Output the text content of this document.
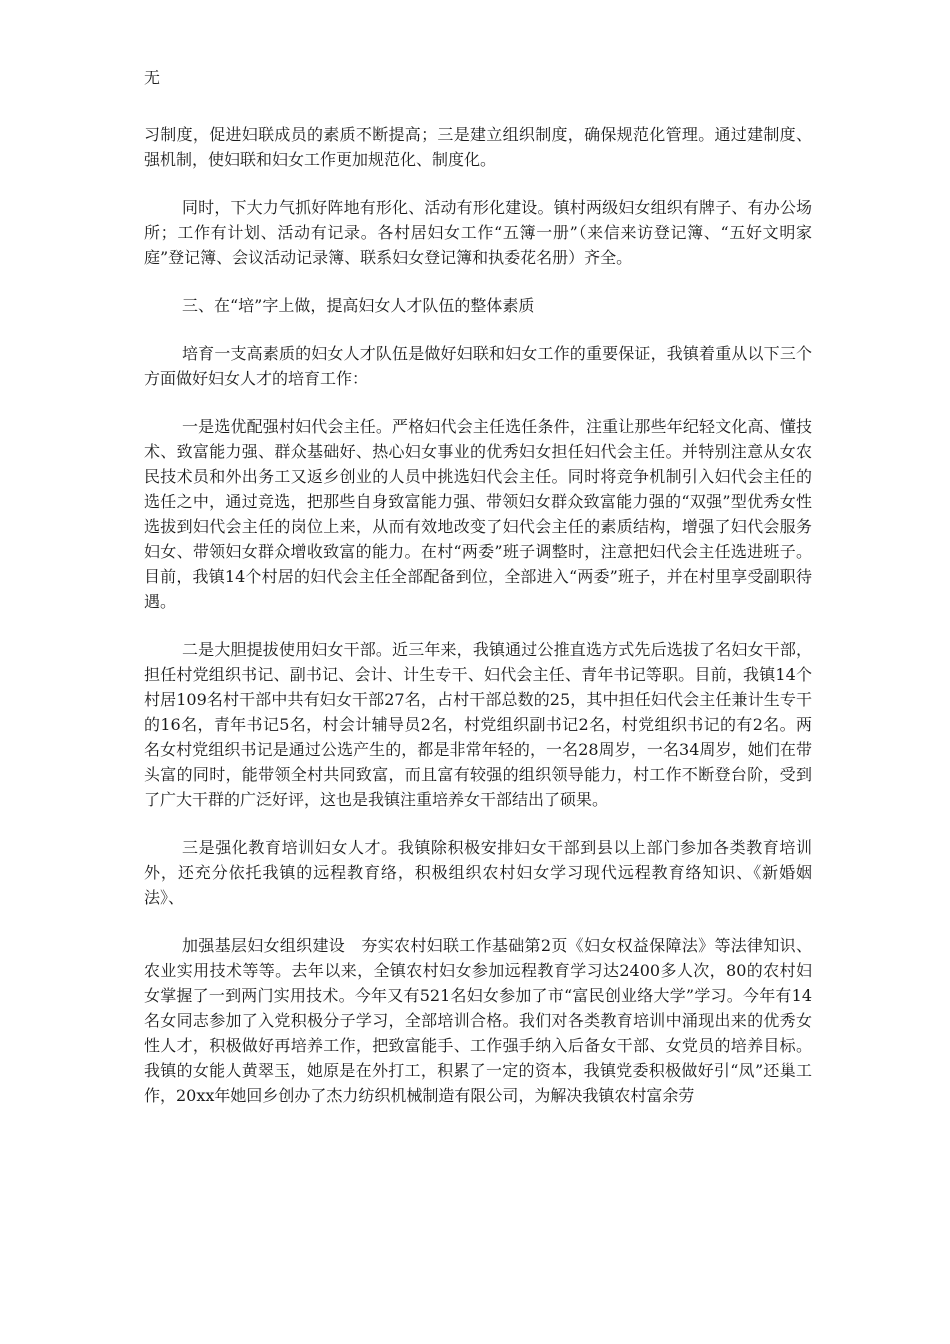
无

习制度，促进妇联成员的素质不断提高；三是建立组织制度，确保规范化管理。通过建制度、强机制，使妇联和妇女工作更加规范化、制度化。

同时，下大力气抓好阵地有形化、活动有形化建设。镇村两级妇女组织有牌子、有办公场所；工作有计划、活动有记录。各村居妇女工作“五簿一册”（来信来访登记簿、“五好文明家庭”登记簿、会议活动记录簿、联系妇女登记簿和执委花名册）齐全。

三、在“培”字上做，提高妇女人才队伍的整体素质

培育一支高素质的妇女人才队伍是做好妇联和妇女工作的重要保证，我镇着重从以下三个方面做好妇女人才的培育工作：

一是选优配强村妇代会主任。严格妇代会主任选任条件，注重让那些年纪轻文化高、懂技术、致富能力强、群众基础好、热心妇女事业的优秀妇女担任妇代会主任。并特别注意从女农民技术员和外出务工又返乡创业的人员中挑选妇代会主任。同时将竞争机制引入妇代会主任的选任之中，通过竞选，把那些自身致富能力强、带领妇女群众致富能力强的“双强”型优秀女性选拔到妇代会主任的岗位上来，从而有效地改变了妇代会主任的素质结构，增强了妇代会服务妇女、带领妇女群众增收致富的能力。在村“两委”班子调整时，注意把妇代会主任选进班子。目前，我镇14个村居的妇代会主任全部配备到位，全部进入“两委”班子，并在村里享受副职待遇。

二是大胆提拔使用妇女干部。近三年来，我镇通过公推直选方式先后选拔了名妇女干部，担任村党组织书记、副书记、会计、计生专干、妇代会主任、青年书记等职。目前，我镇14个村居109名村干部中共有妇女干部27名，占村干部总数的25，其中担任妇代会主任兼计生专干的16名，青年书记5名，村会计辅导员2名，村党组织副书记2名，村党组织书记的有2名。两名女村党组织书记是通过公选产生的，都是非常年轻的，一名28周岁，一名34周岁，她们在带头富的同时，能带领全村共同致富，而且富有较强的组织领导能力，村工作不断登台阶，受到了广大干群的广泛好评，这也是我镇注重培养女干部结出了硕果。

三是强化教育培训妇女人才。我镇除积极安排妇女干部到县以上部门参加各类教育培训外，还充分依托我镇的远程教育络，积极组织农村妇女学习现代远程教育络知识、《新婚姻法》、

加强基层妇女组织建设　夯实农村妇联工作基础第2页《妇女权益保障法》等法律知识、农业实用技术等等。去年以来，全镇农村妇女参加远程教育学习达2400多人次，80的农村妇女掌握了一到两门实用技术。今年又有521名妇女参加了市“富民创业络大学”学习。今年有14名女同志参加了入党积极分子学习，全部培训合格。我们对各类教育培训中涌现出来的优秀女性人才，积极做好再培养工作，把致富能手、工作强手纳入后备女干部、女党员的培养目标。我镇的女能人黄翠玉，她原是在外打工，积累了一定的资本，我镇党委积极做好引“凤”还巢工作，20xx年她回乡创办了杰力纺织机械制造有限公司，为解决我镇农村富余劳
